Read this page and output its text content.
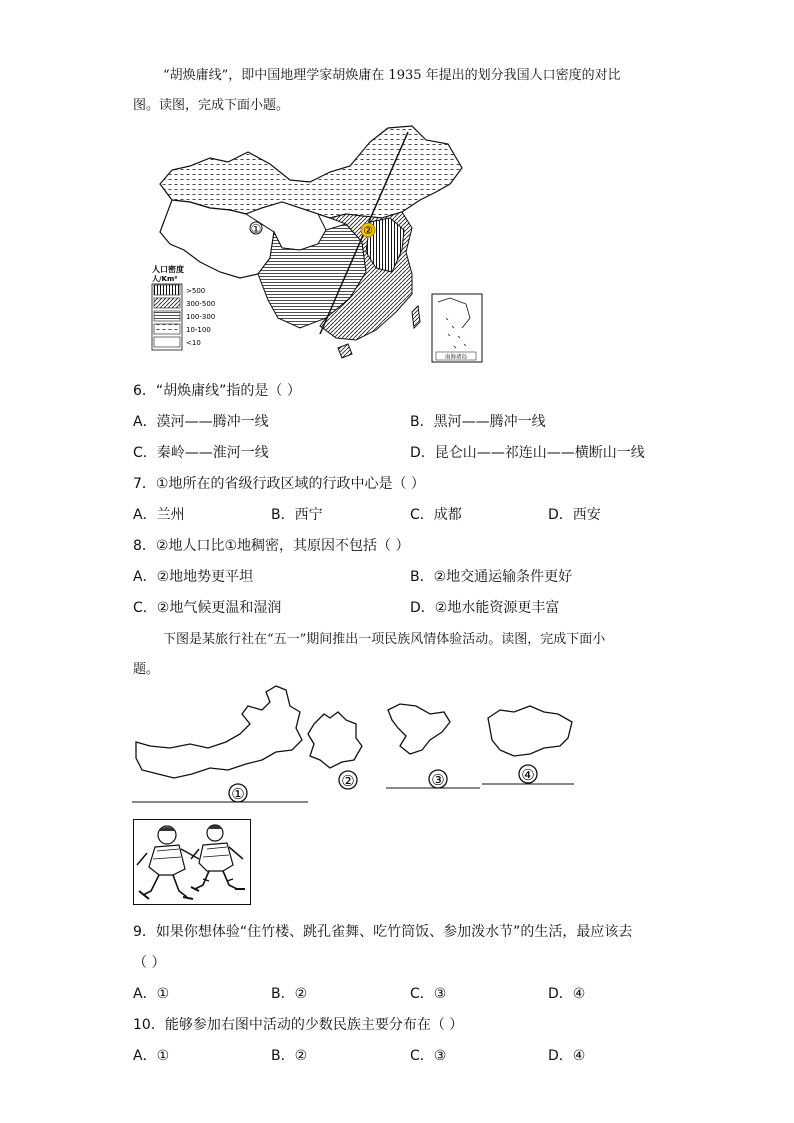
“胡焕庸线”，即中国地理学家胡焕庸在 1935 年提出的划分我国人口密度的对比
图。读图，完成下面小题。
①	②
人口密度
人/Km²
>500
300-500
100-300
10-100
<10
南海诸岛
6．“胡焕庸线”指的是（ ）
A．漠河——腾冲一线	B．黑河——腾冲一线
C．秦岭——淮河一线	D．昆仑山——祁连山——横断山一线
7．①地所在的省级行政区域的行政中心是（ ）
A．兰州	B．西宁	C．成都	D．西安
8．②地人口比①地稠密，其原因不包括（ ）
A．②地地势更平坦	B．②地交通运输条件更好
C．②地气候更温和湿润	D．②地水能资源更丰富
下图是某旅行社在“五一”期间推出一项民族风情体验活动。读图，完成下面小
题。
①
②	③	④
9．如果你想体验“住竹楼、跳孔雀舞、吃竹筒饭、参加泼水节”的生活，最应该去
（ ）
A．①	B．②	C．③	D．④
10．能够参加右图中活动的少数民族主要分布在（ ）
A．①	B．②	C．③	D．④
